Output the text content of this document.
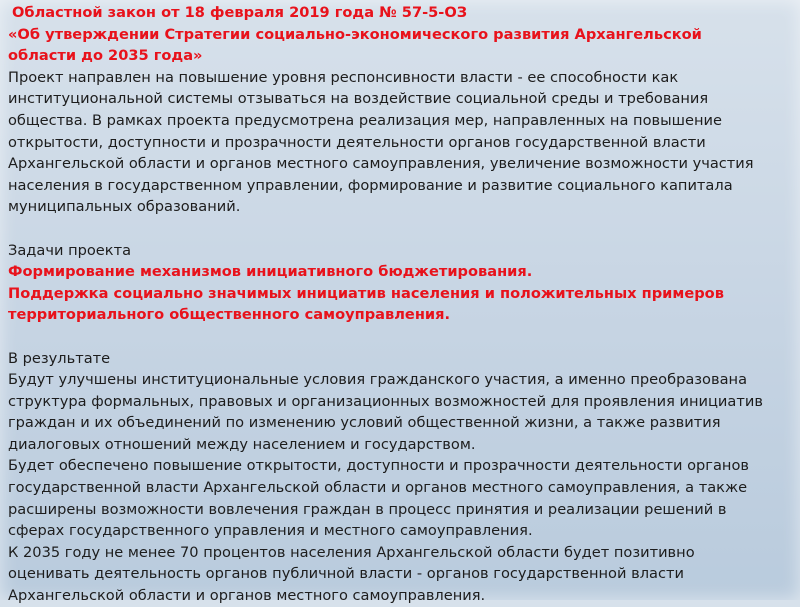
Областной закон от 18 февраля 2019 года № 57-5-ОЗ
«Об утверждении Стратегии социально-экономического развития Архангельской
области до 2035 года»
Проект направлен на повышение уровня респонсивности власти - ее способности как
институциональной системы отзываться на воздействие социальной среды и требования
общества. В рамках проекта предусмотрена реализация мер, направленных на повышение
открытости, доступности и прозрачности деятельности органов государственной власти
Архангельской области и органов местного самоуправления, увеличение возможности участия
населения в государственном управлении, формирование и развитие социального капитала
муниципальных образований.
Задачи проекта
Формирование механизмов инициативного бюджетирования.
Поддержка социально значимых инициатив населения и положительных примеров
территориального общественного самоуправления.
В результате
Будут улучшены институциональные условия гражданского участия, а именно преобразована
структура формальных, правовых и организационных возможностей для проявления инициатив
граждан и их объединений по изменению условий общественной жизни, а также развития
диалоговых отношений между населением и государством.
Будет обеспечено повышение открытости, доступности и прозрачности деятельности органов
государственной власти Архангельской области и органов местного самоуправления, а также
расширены возможности вовлечения граждан в процесс принятия и реализации решений в
сферах государственного управления и местного самоуправления.
К 2035 году не менее 70 процентов населения Архангельской области будет позитивно
оценивать деятельность органов публичной власти - органов государственной власти
Архангельской области и органов местного самоуправления.
